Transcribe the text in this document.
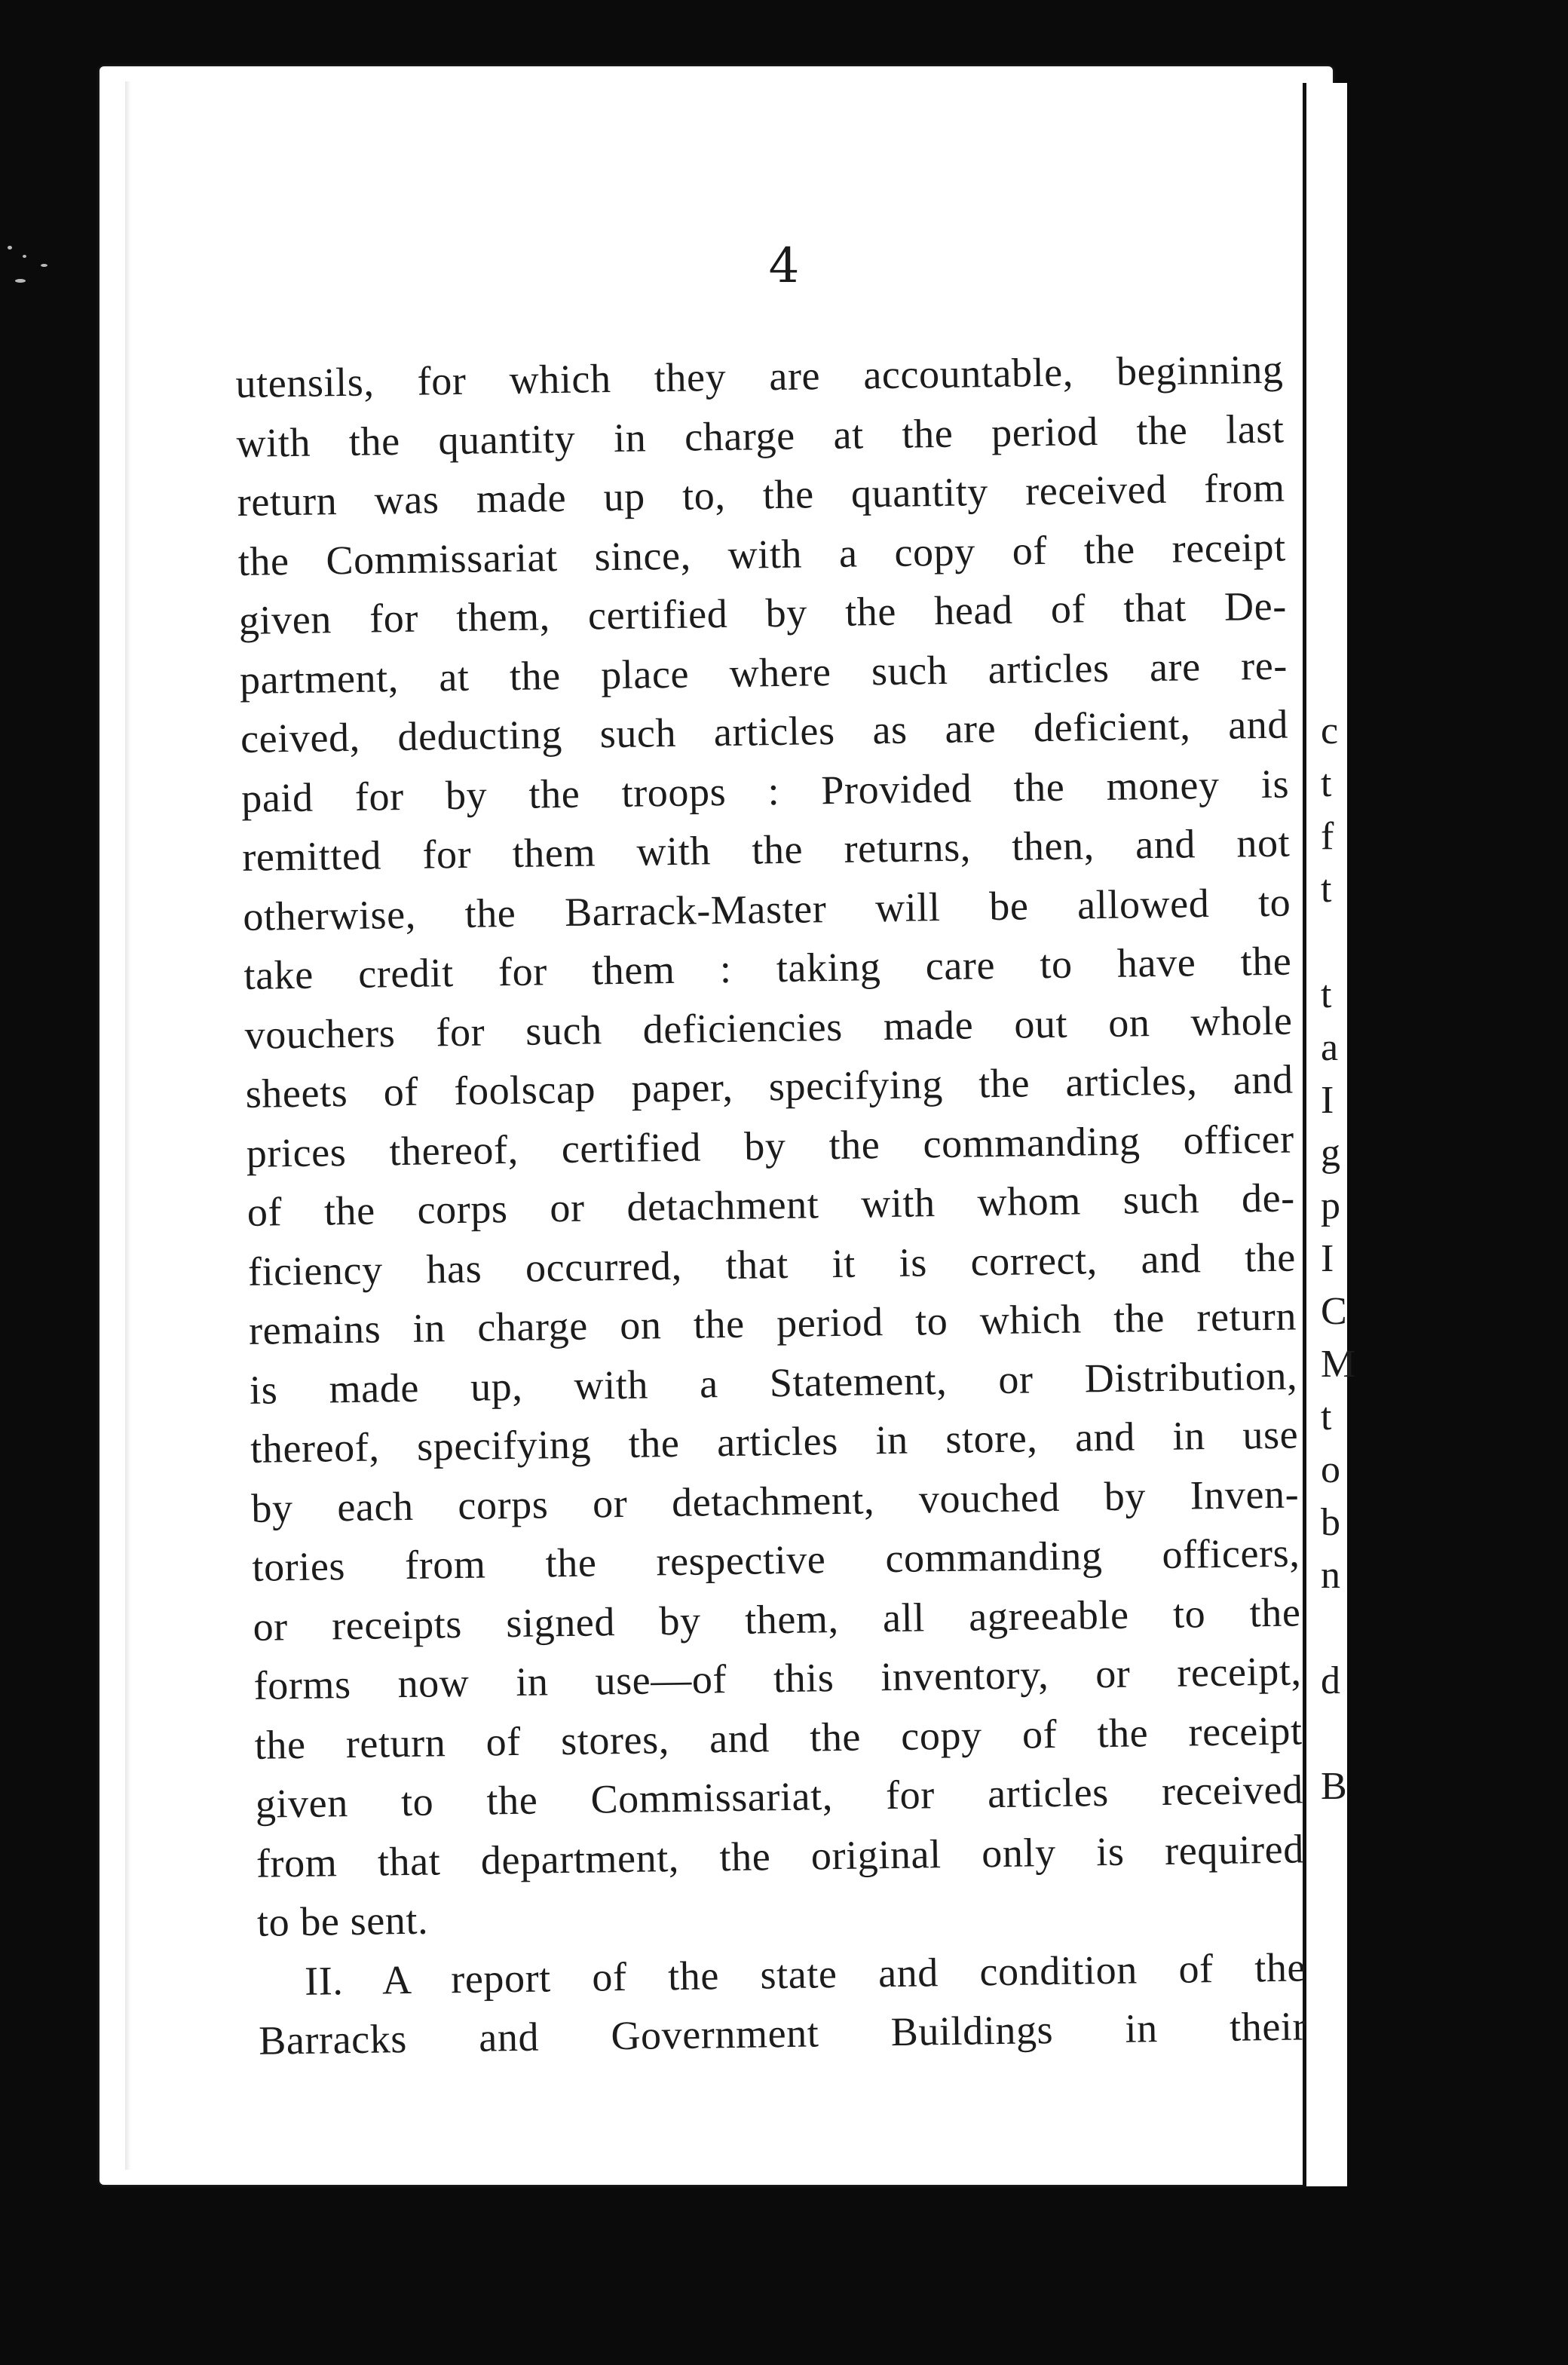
4
utensils, for which they are accountable, beginning
with the quantity in charge at the period the last
return was made up to, the quantity received from
the Commissariat since, with a copy of the receipt
given for them, certified by the head of that De-
partment, at the place where such articles are re-
ceived, deducting such articles as are deficient, and
paid for by the troops : Provided the money is
remitted for them with the returns, then, and not
otherwise, the Barrack-Master will be allowed to
take credit for them : taking care to have the
vouchers for such deficiencies made out on whole
sheets of foolscap paper, specifying the articles, and
prices thereof, certified by the commanding officer
of the corps or detachment with whom such de-
ficiency has occurred, that it is correct, and the
remains in charge on the period to which the return
is made up, with a Statement, or Distribution,
thereof, specifying the articles in store, and in use
by each corps or detachment, vouched by Inven-
tories from the respective commanding officers,
or receipts signed by them, all agreeable to the
forms now in use—of this inventory, or receipt,
the return of stores, and the copy of the receipt
given to the Commissariat, for articles received
from that department, the original only is required
to be sent.
II. A report of the state and condition of the
Barracks and Government Buildings in their
c
t
f
t
t
a
I
g
p
I
C
M
t
o
b
n
d
B
